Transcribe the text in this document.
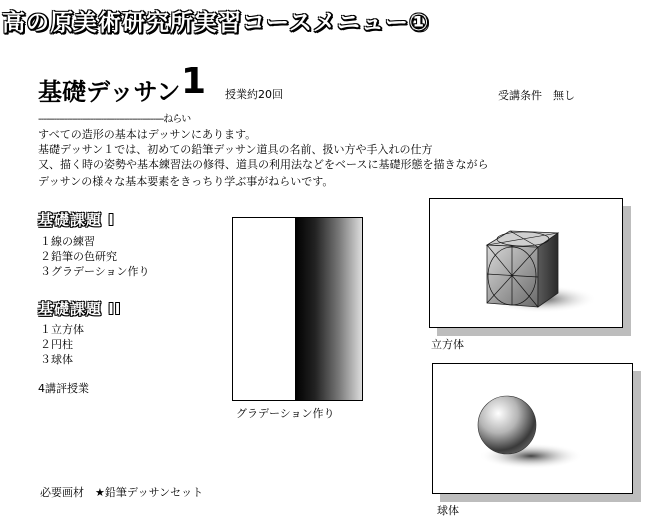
高の原美術研究所実習コースメニュー①
基礎デッサン 1 授業約20回	受講条件　無し
------------------------------------------------ねらい
すべての造形の基本はデッサンにあります。
基礎デッサン１では、初めての鉛筆デッサン道具の名前、扱い方や手入れの仕方
又、描く時の姿勢や基本練習法の修得、道具の利用法などをベースに基礎形態を描きながら
デッサンの様々な基本要素をきっちり学ぶ事がねらいです。
基礎課題 I
１線の練習
２鉛筆の色研究
３グラデーション作り
基礎課題 II
１立方体
２円柱
３球体
4講評授業
グラデーション作り
立方体
球体
必要画材　★鉛筆デッサンセット
